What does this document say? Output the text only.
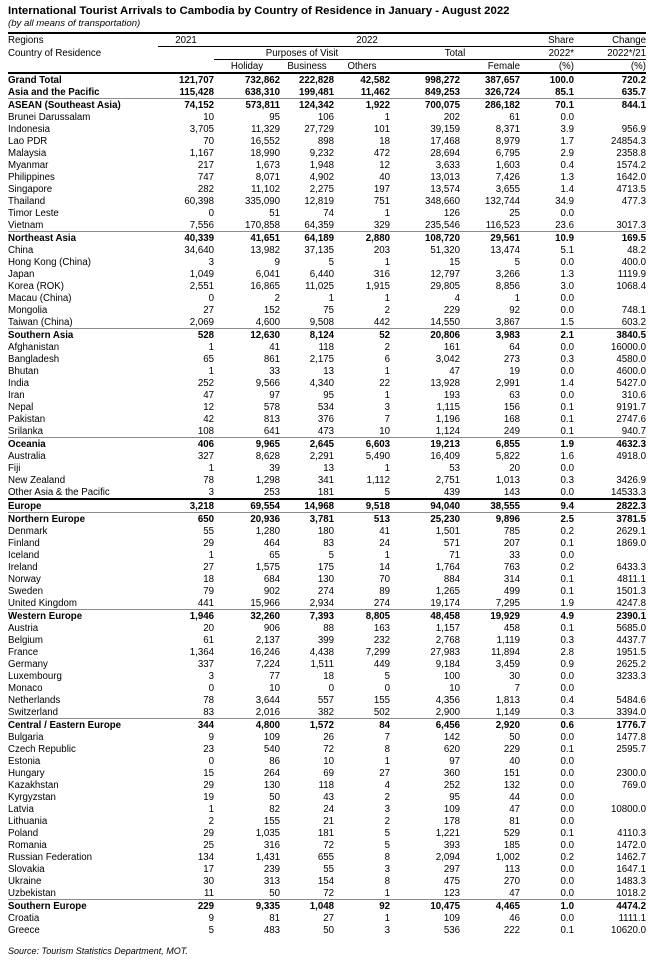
International Tourist Arrivals to Cambodia by Country of Residence in January - August 2022
(by all means of transportation)
Regions	2021	2022					Share	Change
Country of Residence		Purposes of Visit			Total		2022*	2022*/21
		Holiday	Business	Others		Female	(%)	(%)
Grand Total	121,707	732,862	222,828	42,582	998,272	387,657	100.0	720.2
Asia and the Pacific	115,428	638,310	199,481	11,462	849,253	326,724	85.1	635.7
ASEAN (Southeast Asia)	74,152	573,811	124,342	1,922	700,075	286,182	70.1	844.1
Brunei Darussalam	10	95	106	1	202	61	0.0	
Indonesia	3,705	11,329	27,729	101	39,159	8,371	3.9	956.9
Lao PDR	70	16,552	898	18	17,468	8,979	1.7	24854.3
Malaysia	1,167	18,990	9,232	472	28,694	6,795	2.9	2358.8
Myanmar	217	1,673	1,948	12	3,633	1,603	0.4	1574.2
Philippines	747	8,071	4,902	40	13,013	7,426	1.3	1642.0
Singapore	282	11,102	2,275	197	13,574	3,655	1.4	4713.5
Thailand	60,398	335,090	12,819	751	348,660	132,744	34.9	477.3
Timor Leste	0	51	74	1	126	25	0.0	
Vietnam	7,556	170,858	64,359	329	235,546	116,523	23.6	3017.3
Northeast Asia	40,339	41,651	64,189	2,880	108,720	29,561	10.9	169.5
China	34,640	13,982	37,135	203	51,320	13,474	5.1	48.2
Hong Kong (China)	3	9	5	1	15	5	0.0	400.0
Japan	1,049	6,041	6,440	316	12,797	3,266	1.3	1119.9
Korea (ROK)	2,551	16,865	11,025	1,915	29,805	8,856	3.0	1068.4
Macau (China)	0	2	1	1	4	1	0.0	
Mongolia	27	152	75	2	229	92	0.0	748.1
Taiwan (China)	2,069	4,600	9,508	442	14,550	3,867	1.5	603.2
Southern Asia	528	12,630	8,124	52	20,806	3,983	2.1	3840.5
Afghanistan	1	41	118	2	161	64	0.0	16000.0
Bangladesh	65	861	2,175	6	3,042	273	0.3	4580.0
Bhutan	1	33	13	1	47	19	0.0	4600.0
India	252	9,566	4,340	22	13,928	2,991	1.4	5427.0
Iran	47	97	95	1	193	63	0.0	310.6
Nepal	12	578	534	3	1,115	156	0.1	9191.7
Pakistan	42	813	376	7	1,196	168	0.1	2747.6
Srilanka	108	641	473	10	1,124	249	0.1	940.7
Oceania	406	9,965	2,645	6,603	19,213	6,855	1.9	4632.3
Australia	327	8,628	2,291	5,490	16,409	5,822	1.6	4918.0
Fiji	1	39	13	1	53	20	0.0	
New Zealand	78	1,298	341	1,112	2,751	1,013	0.3	3426.9
Other Asia & the Pacific	3	253	181	5	439	143	0.0	14533.3
Europe	3,218	69,554	14,968	9,518	94,040	38,555	9.4	2822.3
Northern Europe	650	20,936	3,781	513	25,230	9,896	2.5	3781.5
Denmark	55	1,280	180	41	1,501	785	0.2	2629.1
Finland	29	464	83	24	571	207	0.1	1869.0
Iceland	1	65	5	1	71	33	0.0	
Ireland	27	1,575	175	14	1,764	763	0.2	6433.3
Norway	18	684	130	70	884	314	0.1	4811.1
Sweden	79	902	274	89	1,265	499	0.1	1501.3
United Kingdom	441	15,966	2,934	274	19,174	7,295	1.9	4247.8
Western Europe	1,946	32,260	7,393	8,805	48,458	19,929	4.9	2390.1
Austria	20	906	88	163	1,157	458	0.1	5685.0
Belgium	61	2,137	399	232	2,768	1,119	0.3	4437.7
France	1,364	16,246	4,438	7,299	27,983	11,894	2.8	1951.5
Germany	337	7,224	1,511	449	9,184	3,459	0.9	2625.2
Luxembourg	3	77	18	5	100	30	0.0	3233.3
Monaco	0	10	0	0	10	7	0.0	
Netherlands	78	3,644	557	155	4,356	1,813	0.4	5484.6
Switzerland	83	2,016	382	502	2,900	1,149	0.3	3394.0
Central / Eastern Europe	344	4,800	1,572	84	6,456	2,920	0.6	1776.7
Bulgaria	9	109	26	7	142	50	0.0	1477.8
Czech Republic	23	540	72	8	620	229	0.1	2595.7
Estonia	0	86	10	1	97	40	0.0	
Hungary	15	264	69	27	360	151	0.0	2300.0
Kazakhstan	29	130	118	4	252	132	0.0	769.0
Kyrgyzstan	19	50	43	2	95	44	0.0	
Latvia	1	82	24	3	109	47	0.0	10800.0
Lithuania	2	155	21	2	178	81	0.0	
Poland	29	1,035	181	5	1,221	529	0.1	4110.3
Romania	25	316	72	5	393	185	0.0	1472.0
Russian Federation	134	1,431	655	8	2,094	1,002	0.2	1462.7
Slovakia	17	239	55	3	297	113	0.0	1647.1
Ukraine	30	313	154	8	475	270	0.0	1483.3
Uzbekistan	11	50	72	1	123	47	0.0	1018.2
Southern Europe	229	9,335	1,048	92	10,475	4,465	1.0	4474.2
Croatia	9	81	27	1	109	46	0.0	1111.1
Greece	5	483	50	3	536	222	0.1	10620.0
Source: Tourism Statistics Department, MOT.
